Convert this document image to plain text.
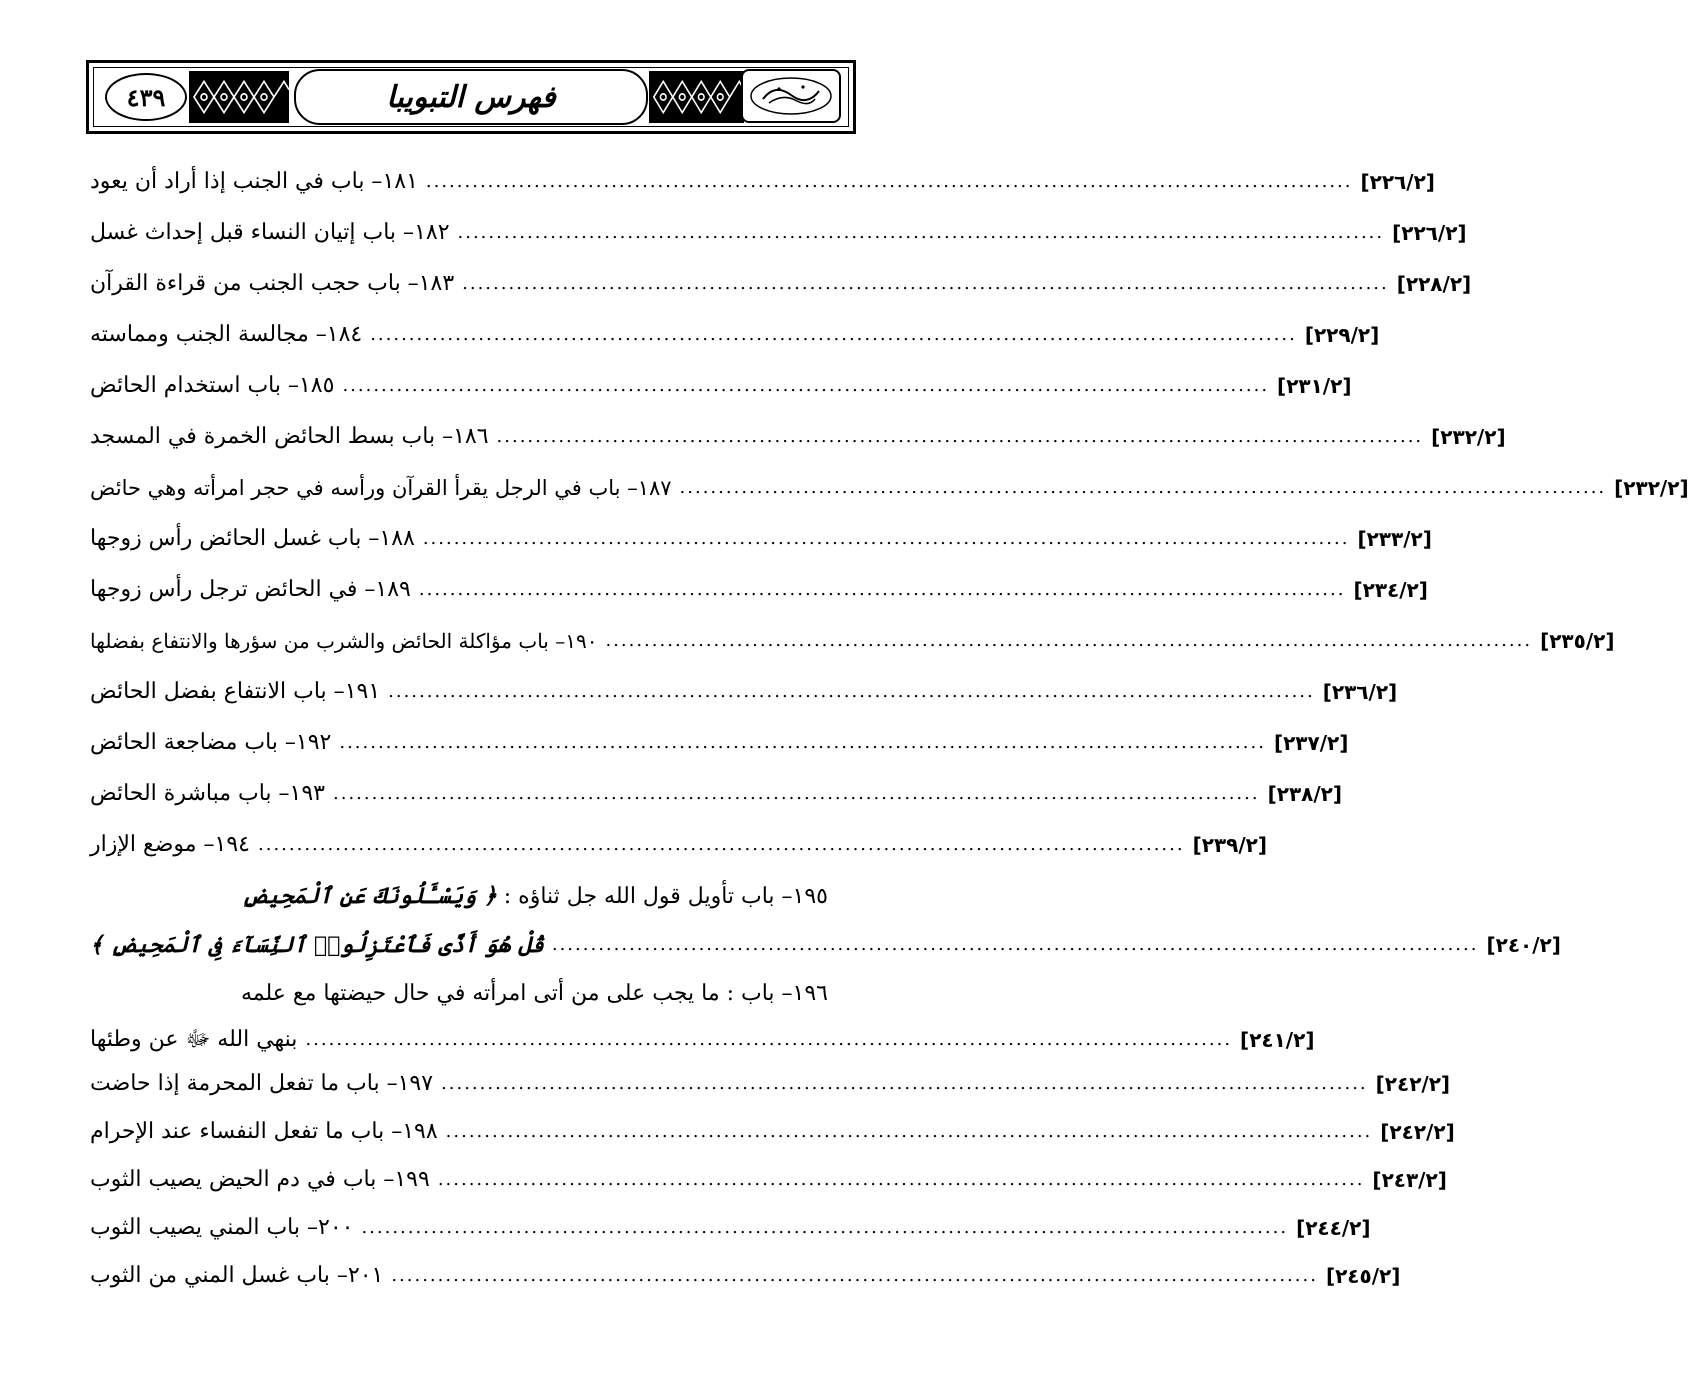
٤٣٩	فهرس التبويبا
١٨١– باب في الجنب إذا أراد أن يعود ........................................................................................................................ [٢٢٦/٢]
١٨٢– باب إتيان النساء قبل إحداث غسل ........................................................................................................................ [٢٢٦/٢]
١٨٣– باب حجب الجنب من قراءة القرآن ........................................................................................................................ [٢٢٨/٢]
١٨٤– مجالسة الجنب ومماسته ........................................................................................................................ [٢٢٩/٢]
١٨٥– باب استخدام الحائض ........................................................................................................................ [٢٣١/٢]
١٨٦– باب بسط الحائض الخمرة في المسجد ........................................................................................................................ [٢٣٢/٢]
١٨٧– باب في الرجل يقرأ القرآن ورأسه في حجر امرأته وهي حائض ........................................................................................................................ [٢٣٢/٢]
١٨٨– باب غسل الحائض رأس زوجها ........................................................................................................................ [٢٣٣/٢]
١٨٩– في الحائض ترجل رأس زوجها ........................................................................................................................ [٢٣٤/٢]
١٩٠– باب مؤاكلة الحائض والشرب من سؤرها والانتفاع بفضلها ........................................................................................................................ [٢٣٥/٢]
١٩١– باب الانتفاع بفضل الحائض ........................................................................................................................ [٢٣٦/٢]
١٩٢– باب مضاجعة الحائض ........................................................................................................................ [٢٣٧/٢]
١٩٣– باب مباشرة الحائض ........................................................................................................................ [٢٣٨/٢]
١٩٤– موضع الإزار ........................................................................................................................ [٢٣٩/٢]
١٩٥– باب تأويل قول الله جل ثناؤه : ﴿ وَيَسْـَٔلُونَكَ عَنِ ٱلْمَحِيضِ
قُلْ هُوَ أَذًى فَٱعْتَزِلُوا۟ ٱلنِّسَآءَ فِى ٱلْمَحِيضِ ﴾ ........................................................................................................................ [٢٤٠/٢]
١٩٦– باب : ما يجب على من أتى امرأته في حال حيضتها مع علمه
بنهي الله ﷻ عن وطئها ........................................................................................................................ [٢٤١/٢]
١٩٧– باب ما تفعل المحرمة إذا حاضت ........................................................................................................................ [٢٤٢/٢]
١٩٨– باب ما تفعل النفساء عند الإحرام ........................................................................................................................ [٢٤٢/٢]
١٩٩– باب في دم الحيض يصيب الثوب ........................................................................................................................ [٢٤٣/٢]
٢٠٠– باب المني يصيب الثوب ........................................................................................................................ [٢٤٤/٢]
٢٠١– باب غسل المني من الثوب ........................................................................................................................ [٢٤٥/٢]
